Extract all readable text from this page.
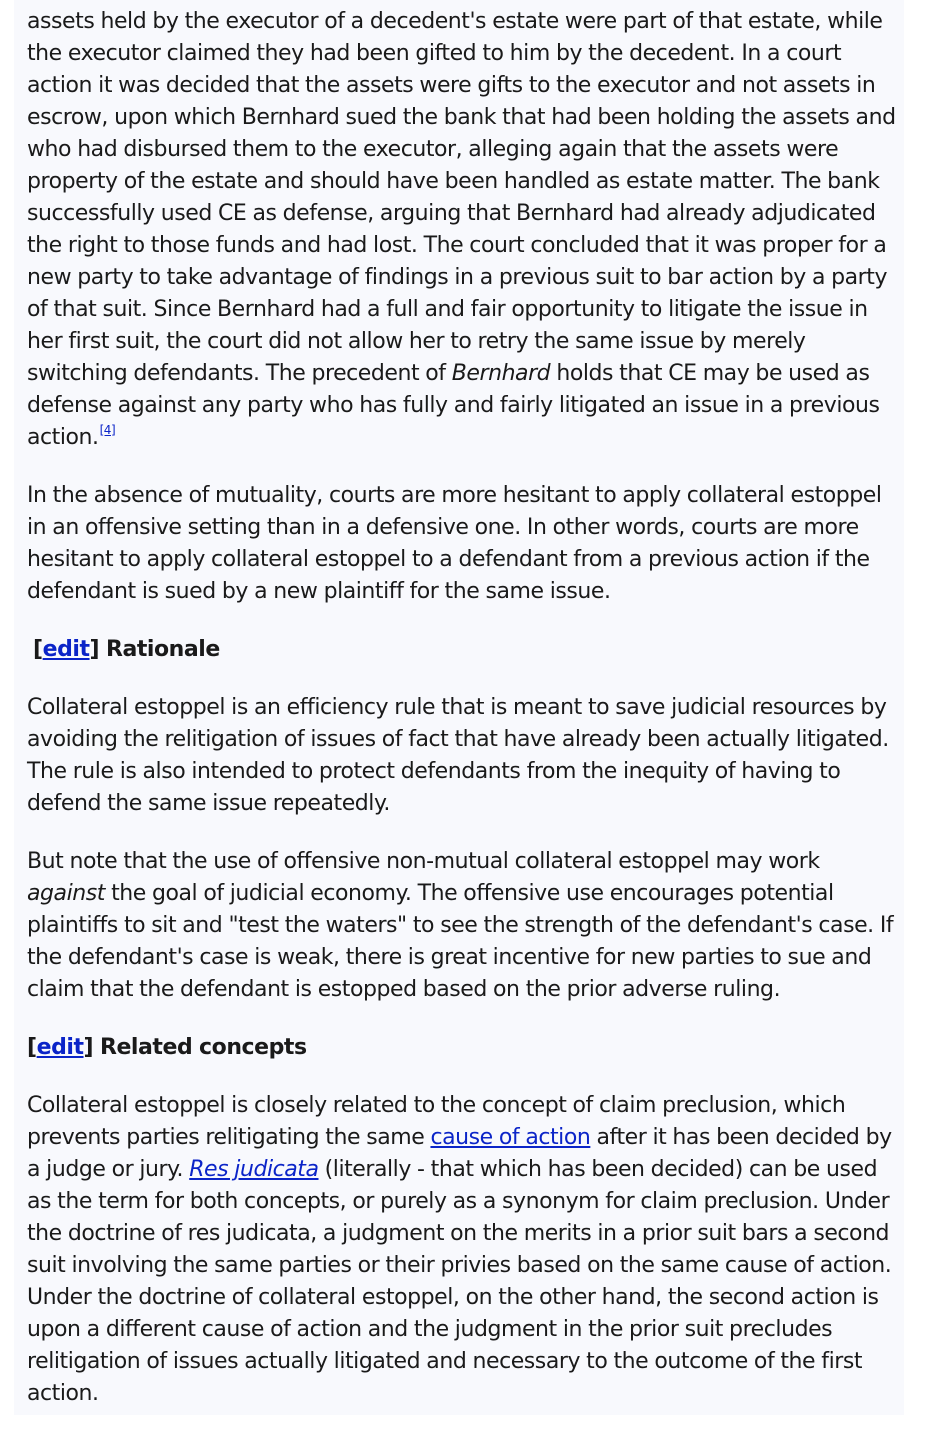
assets held by the executor of a decedent's estate were part of that estate, while the executor claimed they had been gifted to him by the decedent. In a court action it was decided that the assets were gifts to the executor and not assets in escrow, upon which Bernhard sued the bank that had been holding the assets and who had disbursed them to the executor, alleging again that the assets were property of the estate and should have been handled as estate matter. The bank successfully used CE as defense, arguing that Bernhard had already adjudicated the right to those funds and had lost. The court concluded that it was proper for a new party to take advantage of findings in a previous suit to bar action by a party of that suit. Since Bernhard had a full and fair opportunity to litigate the issue in her first suit, the court did not allow her to retry the same issue by merely switching defendants. The precedent of Bernhard holds that CE may be used as defense against any party who has fully and fairly litigated an issue in a previous action.[4]

In the absence of mutuality, courts are more hesitant to apply collateral estoppel in an offensive setting than in a defensive one. In other words, courts are more hesitant to apply collateral estoppel to a defendant from a previous action if the defendant is sued by a new plaintiff for the same issue.

[edit] Rationale

Collateral estoppel is an efficiency rule that is meant to save judicial resources by avoiding the relitigation of issues of fact that have already been actually litigated. The rule is also intended to protect defendants from the inequity of having to defend the same issue repeatedly.

But note that the use of offensive non-mutual collateral estoppel may work against the goal of judicial economy. The offensive use encourages potential plaintiffs to sit and "test the waters" to see the strength of the defendant's case. If the defendant's case is weak, there is great incentive for new parties to sue and claim that the defendant is estopped based on the prior adverse ruling.

[edit] Related concepts

Collateral estoppel is closely related to the concept of claim preclusion, which prevents parties relitigating the same cause of action after it has been decided by a judge or jury. Res judicata (literally - that which has been decided) can be used as the term for both concepts, or purely as a synonym for claim preclusion. Under the doctrine of res judicata, a judgment on the merits in a prior suit bars a second suit involving the same parties or their privies based on the same cause of action. Under the doctrine of collateral estoppel, on the other hand, the second action is upon a different cause of action and the judgment in the prior suit precludes relitigation of issues actually litigated and necessary to the outcome of the first action.
